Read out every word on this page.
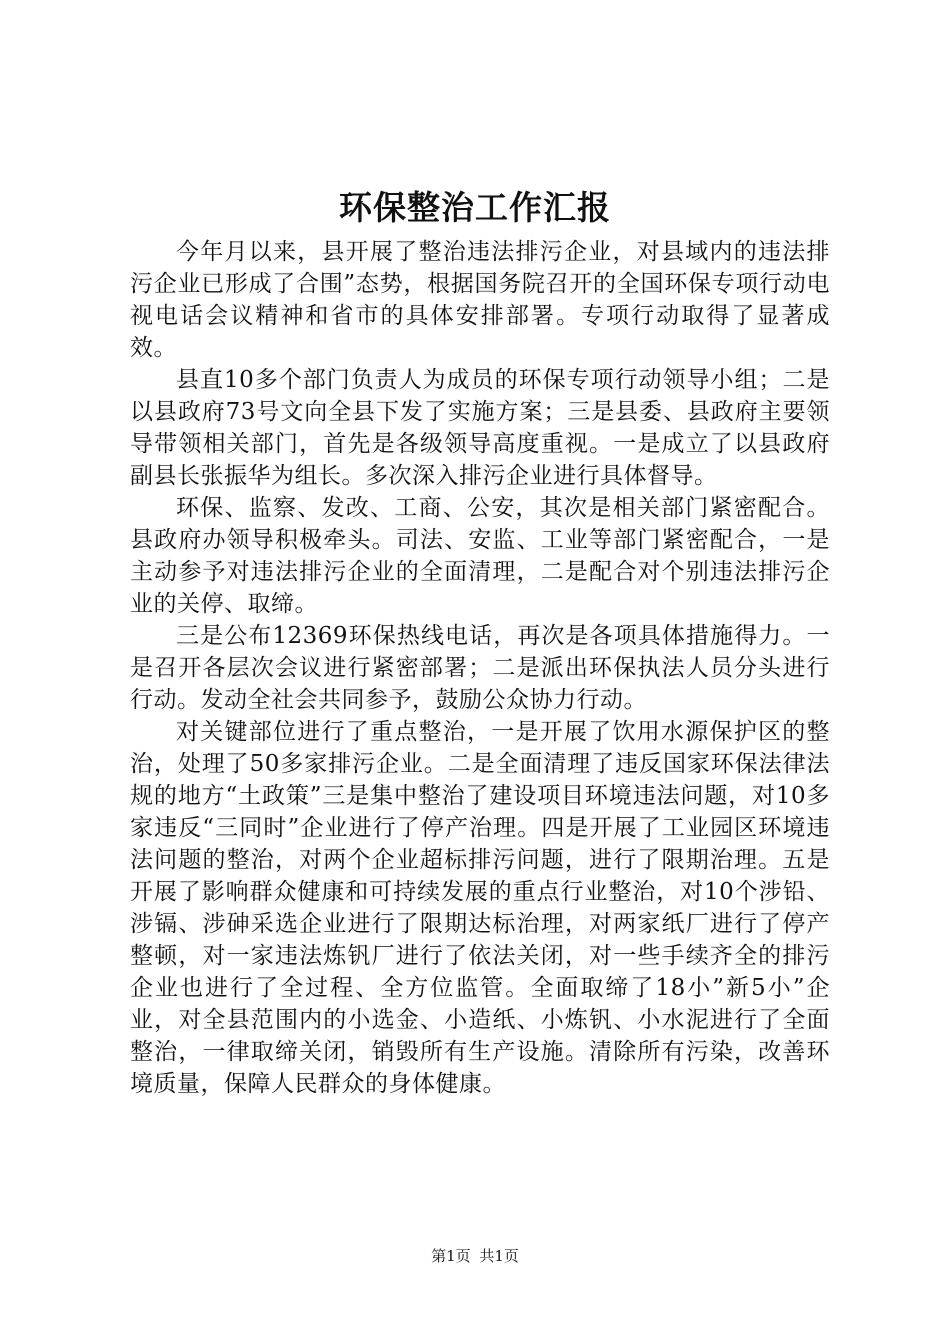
环保整治工作汇报

今年月以来，县开展了整治违法排污企业，对县域内的违法排污企业已形成了合围”态势，根据国务院召开的全国环保专项行动电视电话会议精神和省市的具体安排部署。专项行动取得了显著成效。

县直10多个部门负责人为成员的环保专项行动领导小组；二是以县政府73号文向全县下发了实施方案；三是县委、县政府主要领导带领相关部门，首先是各级领导高度重视。一是成立了以县政府副县长张振华为组长。多次深入排污企业进行具体督导。

环保、监察、发改、工商、公安，其次是相关部门紧密配合。县政府办领导积极牵头。司法、安监、工业等部门紧密配合，一是主动参予对违法排污企业的全面清理，二是配合对个别违法排污企业的关停、取缔。

三是公布12369环保热线电话，再次是各项具体措施得力。一是召开各层次会议进行紧密部署；二是派出环保执法人员分头进行行动。发动全社会共同参予，鼓励公众协力行动。

对关键部位进行了重点整治，一是开展了饮用水源保护区的整治，处理了50多家排污企业。二是全面清理了违反国家环保法律法规的地方“土政策”三是集中整治了建设项目环境违法问题，对10多家违反“三同时”企业进行了停产治理。四是开展了工业园区环境违法问题的整治，对两个企业超标排污问题，进行了限期治理。五是开展了影响群众健康和可持续发展的重点行业整治，对10个涉铅、涉镉、涉砷采选企业进行了限期达标治理，对两家纸厂进行了停产整顿，对一家违法炼钒厂进行了依法关闭，对一些手续齐全的排污企业也进行了全过程、全方位监管。全面取缔了18小”新5小”企业，对全县范围内的小选金、小造纸、小炼钒、小水泥进行了全面整治，一律取缔关闭，销毁所有生产设施。清除所有污染，改善环境质量，保障人民群众的身体健康。

第1页 共1页
